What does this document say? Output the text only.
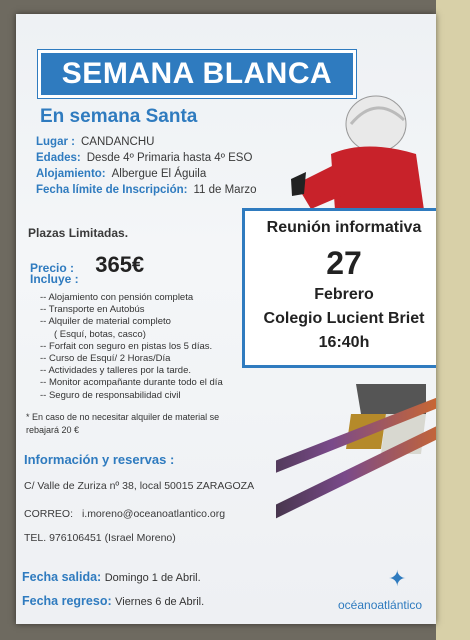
SEMANA BLANCA
En semana Santa
Lugar : CANDANCHU
Edades: Desde 4º Primaria hasta 4º ESO
Alojamiento: Albergue El Águila
Fecha límite de Inscripción: 11 de Marzo
Plazas Limitadas.
Precio : 365€
Incluye :
-- Alojamiento con pensión completa
-- Transporte en Autobús
-- Alquiler de material completo
( Esquí, botas, casco)
-- Forfait con seguro en pistas los 5 días.
-- Curso de Esquí/ 2 Horas/Día
-- Actividades y talleres por la tarde.
-- Monitor acompañante durante todo el día
-- Seguro de responsabilidad civil
* En caso de no necesitar alquiler de material se
rebajará 20 €
Reunión informativa
27
Febrero
Colegio Lucient Briet
16:40h
Información y reservas :
C/ Valle de Zuriza nº 38, local 50015 ZARAGOZA
CORREO: i.moreno@oceanoatlantico.org
TEL. 976106451 (Israel Moreno)
Fecha salida: Domingo 1 de Abril.
Fecha regreso: Viernes 6 de Abril.
✦
océanoatlántico
